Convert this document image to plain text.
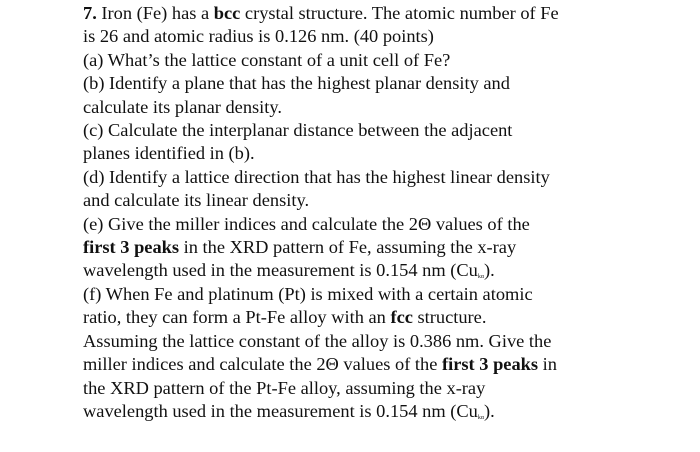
7. Iron (Fe) has a bcc crystal structure. The atomic number of Fe
is 26 and atomic radius is 0.126 nm. (40 points)
(a) What’s the lattice constant of a unit cell of Fe?
(b) Identify a plane that has the highest planar density and
calculate its planar density.
(c) Calculate the interplanar distance between the adjacent
planes identified in (b).
(d) Identify a lattice direction that has the highest linear density
and calculate its linear density.
(e) Give the miller indices and calculate the 2Θ values of the
first 3 peaks in the XRD pattern of Fe, assuming the x-ray
wavelength used in the measurement is 0.154 nm $(Cu_{k\alpha})$.
(f) When Fe and platinum (Pt) is mixed with a certain atomic
ratio, they can form a Pt-Fe alloy with an fcc structure.
Assuming the lattice constant of the alloy is 0.386 nm. Give the
miller indices and calculate the 2Θ values of the first 3 peaks in
the XRD pattern of the Pt-Fe alloy, assuming the x-ray
wavelength used in the measurement is 0.154 nm $(Cu_{k\alpha})$.
